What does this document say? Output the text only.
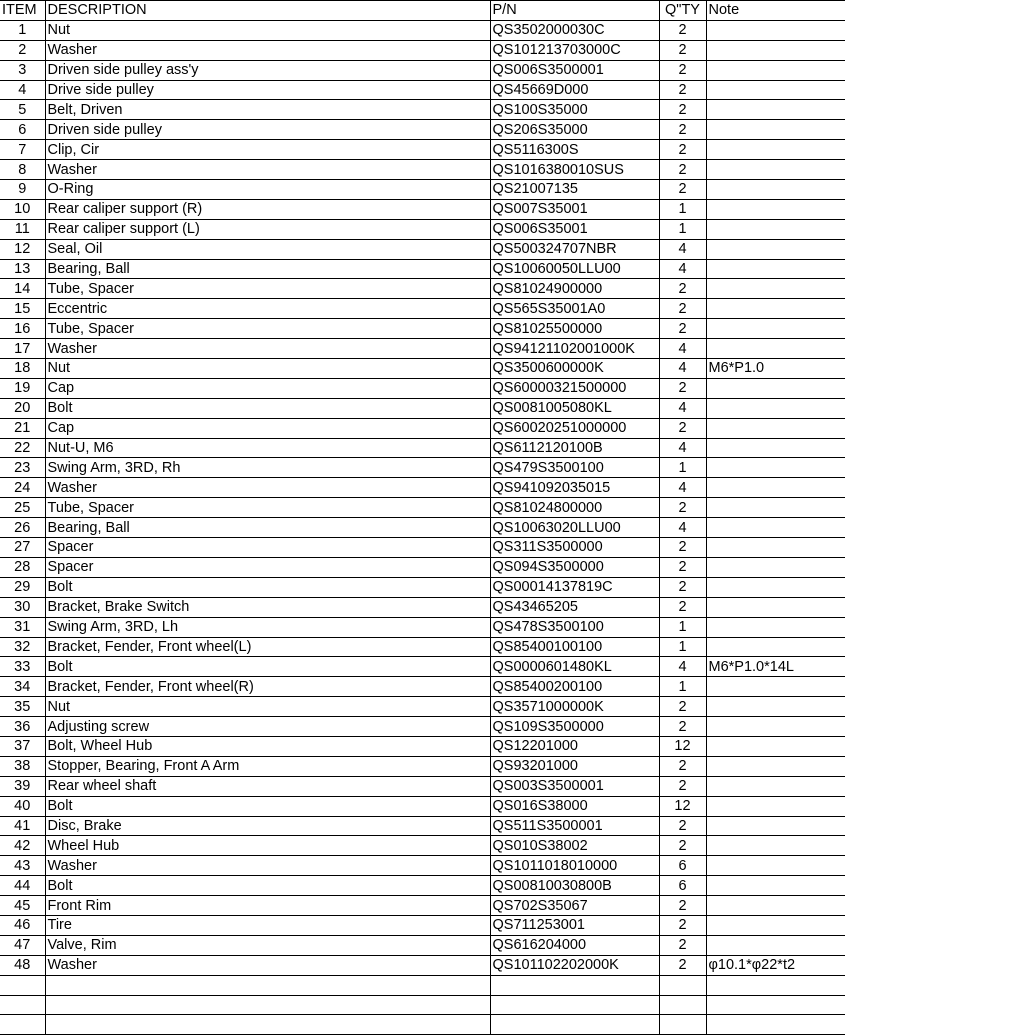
ITEM	DESCRIPTION	P/N	Q"TY	Note
1	Nut	QS3502000030C	2	
2	Washer	QS101213703000C	2	
3	Driven side pulley ass'y	QS006S3500001	2	
4	Drive side pulley	QS45669D000	2	
5	Belt, Driven	QS100S35000	2	
6	Driven side pulley	QS206S35000	2	
7	Clip, Cir	QS5116300S	2	
8	Washer	QS1016380010SUS	2	
9	O-Ring	QS21007135	2	
10	Rear caliper support (R)	QS007S35001	1	
11	Rear caliper support (L)	QS006S35001	1	
12	Seal, Oil	QS500324707NBR	4	
13	Bearing, Ball	QS10060050LLU00	4	
14	Tube, Spacer	QS81024900000	2	
15	Eccentric	QS565S35001A0	2	
16	Tube, Spacer	QS81025500000	2	
17	Washer	QS94121102001000K	4	
18	Nut	QS3500600000K	4	M6*P1.0
19	Cap	QS60000321500000	2	
20	Bolt	QS0081005080KL	4	
21	Cap	QS60020251000000	2	
22	Nut-U, M6	QS6112120100B	4	
23	Swing Arm, 3RD, Rh	QS479S3500100	1	
24	Washer	QS941092035015	4	
25	Tube, Spacer	QS81024800000	2	
26	Bearing, Ball	QS10063020LLU00	4	
27	Spacer	QS311S3500000	2	
28	Spacer	QS094S3500000	2	
29	Bolt	QS00014137819C	2	
30	Bracket, Brake Switch	QS43465205	2	
31	Swing Arm, 3RD, Lh	QS478S3500100	1	
32	Bracket, Fender, Front wheel(L)	QS85400100100	1	
33	Bolt	QS0000601480KL	4	M6*P1.0*14L
34	Bracket, Fender, Front wheel(R)	QS85400200100	1	
35	Nut	QS3571000000K	2	
36	Adjusting screw	QS109S3500000	2	
37	Bolt, Wheel Hub	QS12201000	12	
38	Stopper, Bearing, Front A Arm	QS93201000	2	
39	Rear wheel shaft	QS003S3500001	2	
40	Bolt	QS016S38000	12	
41	Disc, Brake	QS511S3500001	2	
42	Wheel Hub	QS010S38002	2	
43	Washer	QS1011018010000	6	
44	Bolt	QS00810030800B	6	
45	Front Rim	QS702S35067	2	
46	Tire	QS711253001	2	
47	Valve, Rim	QS616204000	2	
48	Washer	QS101102202000K	2	φ10.1*φ22*t2
